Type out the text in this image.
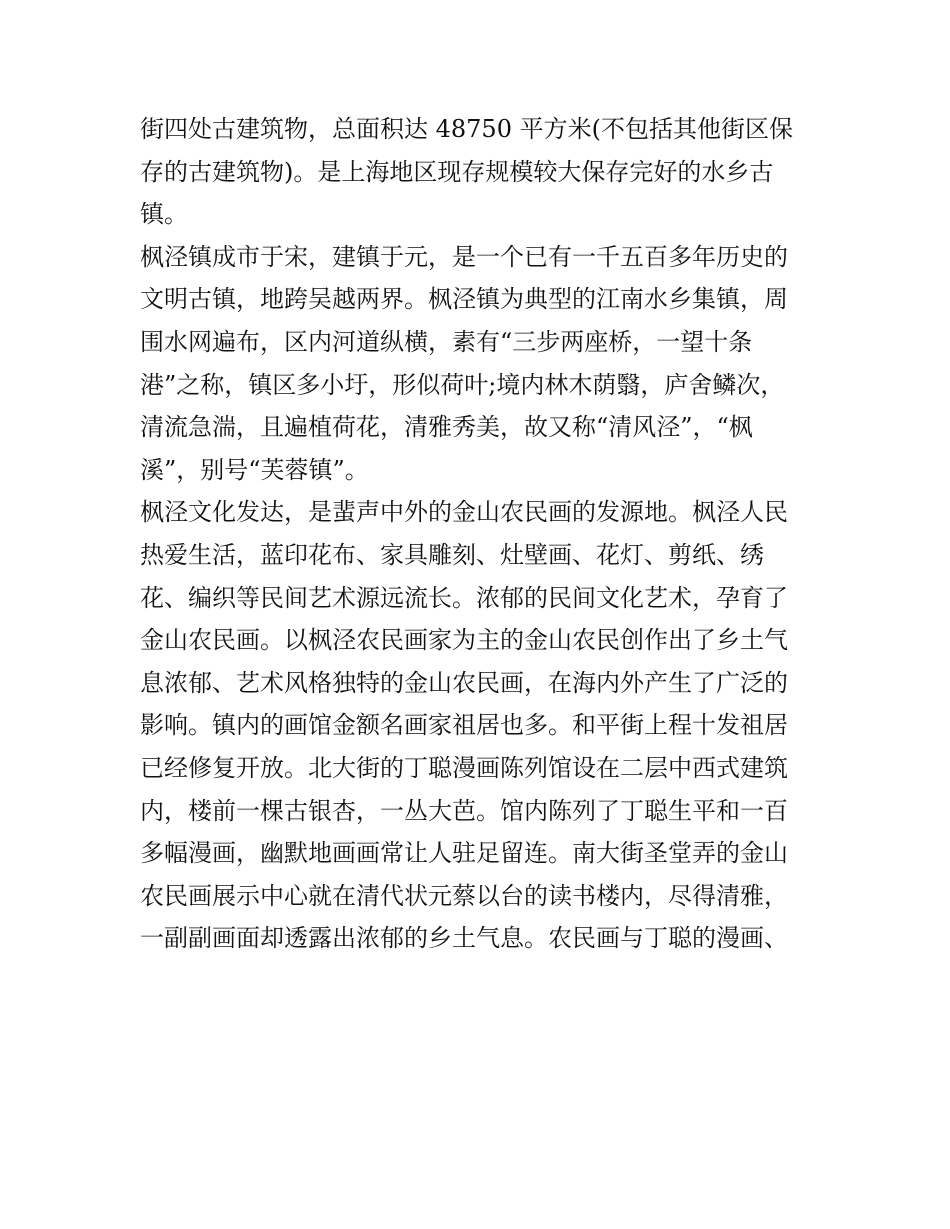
街四处古建筑物，总面积达 48750 平方米(不包括其他街区保
存的古建筑物)。是上海地区现存规模较大保存完好的水乡古
镇。
枫泾镇成市于宋，建镇于元，是一个已有一千五百多年历史的
文明古镇，地跨吴越两界。枫泾镇为典型的江南水乡集镇，周
围水网遍布，区内河道纵横，素有“三步两座桥，一望十条
港”之称，镇区多小圩，形似荷叶;境内林木荫翳，庐舍鳞次，
清流急湍，且遍植荷花，清雅秀美，故又称“清风泾”，“枫
溪”，别号“芙蓉镇”。
枫泾文化发达，是蜚声中外的金山农民画的发源地。枫泾人民
热爱生活，蓝印花布、家具雕刻、灶壁画、花灯、剪纸、绣
花、编织等民间艺术源远流长。浓郁的民间文化艺术，孕育了
金山农民画。以枫泾农民画家为主的金山农民创作出了乡土气
息浓郁、艺术风格独特的金山农民画，在海内外产生了广泛的
影响。镇内的画馆金额名画家祖居也多。和平街上程十发祖居
已经修复开放。北大街的丁聪漫画陈列馆设在二层中西式建筑
内，楼前一棵古银杏，一丛大芭。馆内陈列了丁聪生平和一百
多幅漫画，幽默地画画常让人驻足留连。南大街圣堂弄的金山
农民画展示中心就在清代状元蔡以台的读书楼内，尽得清雅，
一副副画面却透露出浓郁的乡土气息。农民画与丁聪的漫画、
